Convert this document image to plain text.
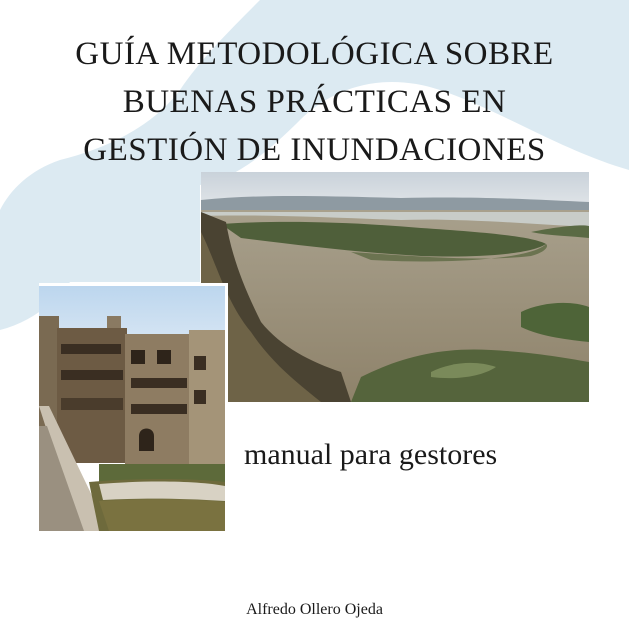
GUÍA METODOLÓGICA SOBRE
BUENAS PRÁCTICAS EN
GESTIÓN DE INUNDACIONES
manual para gestores
Alfredo Ollero Ojeda
